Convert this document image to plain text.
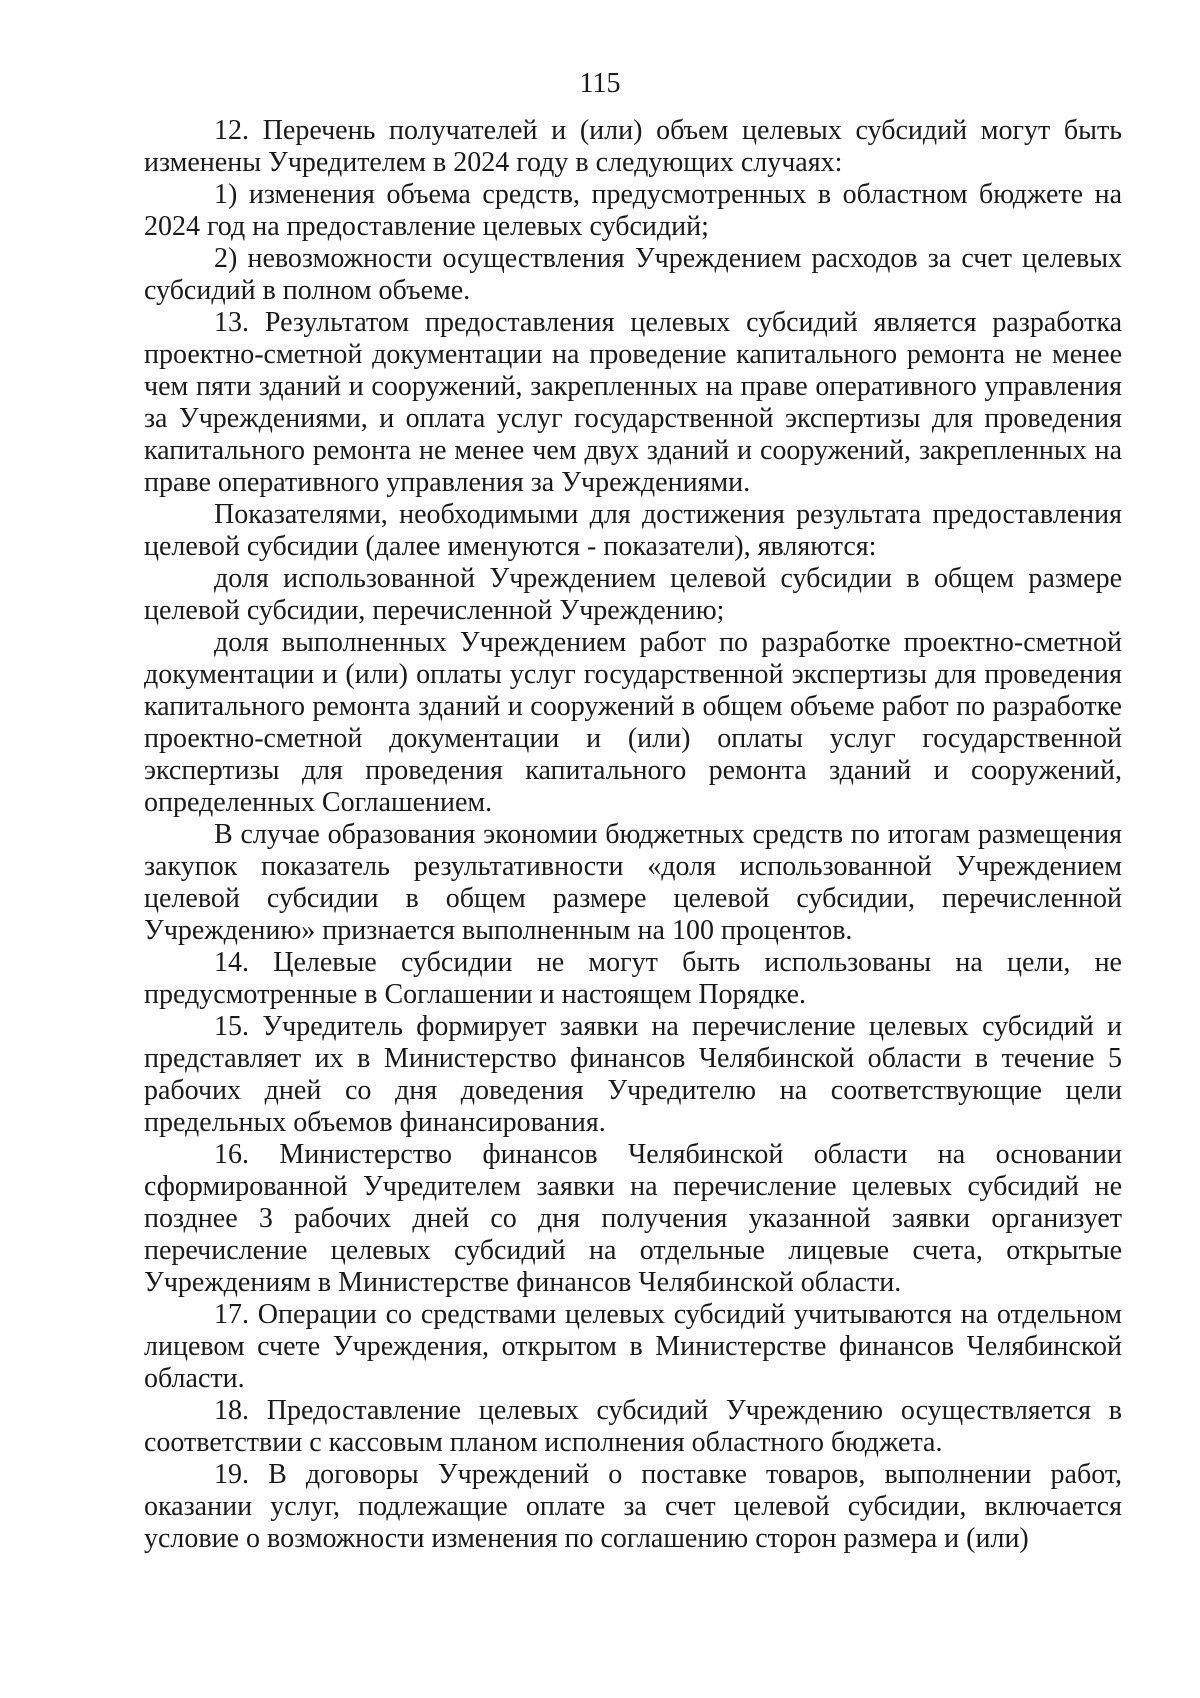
115

12. Перечень получателей и (или) объем целевых субсидий могут быть изменены Учредителем в 2024 году в следующих случаях:

1) изменения объема средств, предусмотренных в областном бюджете на 2024 год на предоставление целевых субсидий;

2) невозможности осуществления Учреждением расходов за счет целевых субсидий в полном объеме.

13. Результатом предоставления целевых субсидий является разработка проектно-сметной документации на проведение капитального ремонта не менее чем пяти зданий и сооружений, закрепленных на праве оперативного управления за Учреждениями, и оплата услуг государственной экспертизы для проведения капитального ремонта не менее чем двух зданий и сооружений, закрепленных на праве оперативного управления за Учреждениями.

Показателями, необходимыми для достижения результата предоставления целевой субсидии (далее именуются - показатели), являются:

доля использованной Учреждением целевой субсидии в общем размере целевой субсидии, перечисленной Учреждению;

доля выполненных Учреждением работ по разработке проектно-сметной документации и (или) оплаты услуг государственной экспертизы для проведения капитального ремонта зданий и сооружений в общем объеме работ по разработке проектно-сметной документации и (или) оплаты услуг государственной экспертизы для проведения капитального ремонта зданий и сооружений, определенных Соглашением.

В случае образования экономии бюджетных средств по итогам размещения закупок показатель результативности «доля использованной Учреждением целевой субсидии в общем размере целевой субсидии, перечисленной Учреждению» признается выполненным на 100 процентов.

14. Целевые субсидии не могут быть использованы на цели, не предусмотренные в Соглашении и настоящем Порядке.

15. Учредитель формирует заявки на перечисление целевых субсидий и представляет их в Министерство финансов Челябинской области в течение 5 рабочих дней со дня доведения Учредителю на соответствующие цели предельных объемов финансирования.

16. Министерство финансов Челябинской области на основании сформированной Учредителем заявки на перечисление целевых субсидий не позднее 3 рабочих дней со дня получения указанной заявки организует перечисление целевых субсидий на отдельные лицевые счета, открытые Учреждениям в Министерстве финансов Челябинской области.

17. Операции со средствами целевых субсидий учитываются на отдельном лицевом счете Учреждения, открытом в Министерстве финансов Челябинской области.

18. Предоставление целевых субсидий Учреждению осуществляется в соответствии с кассовым планом исполнения областного бюджета.

19. В договоры Учреждений о поставке товаров, выполнении работ, оказании услуг, подлежащие оплате за счет целевой субсидии, включается условие о возможности изменения по соглашению сторон размера и (или)
